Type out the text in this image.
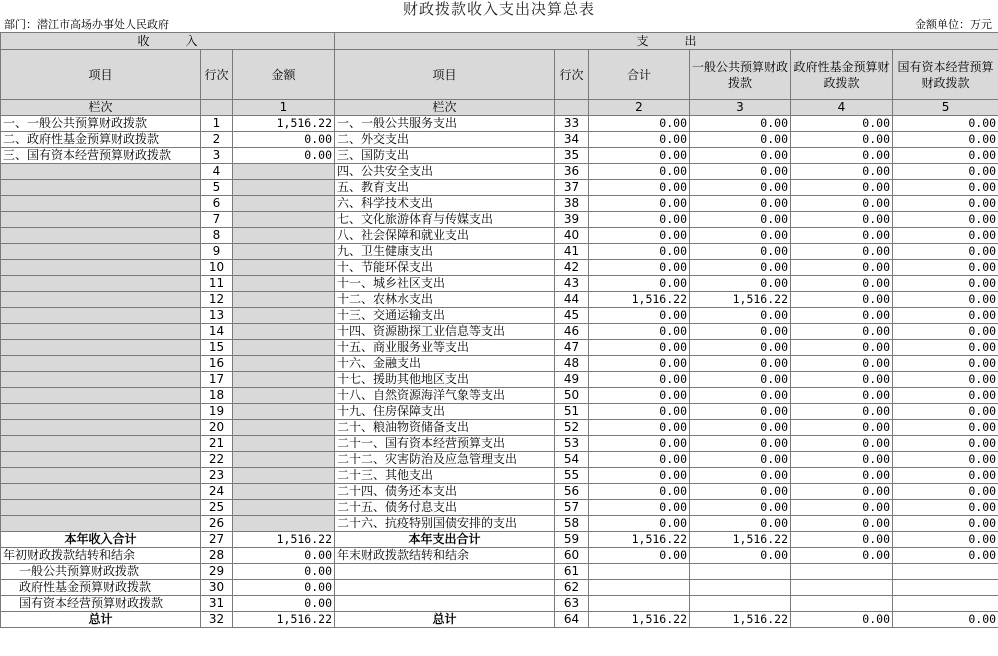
财政拨款收入支出决算总表
部门：潜江市高场办事处人民政府	金额单位：万元
收　　　入			支　　　出					
项目	行次	金额	项目	行次	合计	一般公共预算财政拨款	政府性基金预算财政拨款	国有资本经营预算财政拨款
栏次		1	栏次		2	3	4	5
一、一般公共预算财政拨款	1	1,516.22	一、一般公共服务支出	33	0.00	0.00	0.00	0.00
二、政府性基金预算财政拨款	2	0.00	二、外交支出	34	0.00	0.00	0.00	0.00
三、国有资本经营预算财政拨款	3	0.00	三、国防支出	35	0.00	0.00	0.00	0.00
	4		四、公共安全支出	36	0.00	0.00	0.00	0.00
	5		五、教育支出	37	0.00	0.00	0.00	0.00
	6		六、科学技术支出	38	0.00	0.00	0.00	0.00
	7		七、文化旅游体育与传媒支出	39	0.00	0.00	0.00	0.00
	8		八、社会保障和就业支出	40	0.00	0.00	0.00	0.00
	9		九、卫生健康支出	41	0.00	0.00	0.00	0.00
	10		十、节能环保支出	42	0.00	0.00	0.00	0.00
	11		十一、城乡社区支出	43	0.00	0.00	0.00	0.00
	12		十二、农林水支出	44	1,516.22	1,516.22	0.00	0.00
	13		十三、交通运输支出	45	0.00	0.00	0.00	0.00
	14		十四、资源勘探工业信息等支出	46	0.00	0.00	0.00	0.00
	15		十五、商业服务业等支出	47	0.00	0.00	0.00	0.00
	16		十六、金融支出	48	0.00	0.00	0.00	0.00
	17		十七、援助其他地区支出	49	0.00	0.00	0.00	0.00
	18		十八、自然资源海洋气象等支出	50	0.00	0.00	0.00	0.00
	19		十九、住房保障支出	51	0.00	0.00	0.00	0.00
	20		二十、粮油物资储备支出	52	0.00	0.00	0.00	0.00
	21		二十一、国有资本经营预算支出	53	0.00	0.00	0.00	0.00
	22		二十二、灾害防治及应急管理支出	54	0.00	0.00	0.00	0.00
	23		二十三、其他支出	55	0.00	0.00	0.00	0.00
	24		二十四、债务还本支出	56	0.00	0.00	0.00	0.00
	25		二十五、债务付息支出	57	0.00	0.00	0.00	0.00
	26		二十六、抗疫特别国债安排的支出	58	0.00	0.00	0.00	0.00
本年收入合计	27	1,516.22	本年支出合计	59	1,516.22	1,516.22	0.00	0.00
年初财政拨款结转和结余	28	0.00	年末财政拨款结转和结余	60	0.00	0.00	0.00	0.00
一般公共预算财政拨款	29	0.00		61				
政府性基金预算财政拨款	30	0.00		62				
国有资本经营预算财政拨款	31	0.00		63				
总计	32	1,516.22	总计	64	1,516.22	1,516.22	0.00	0.00
